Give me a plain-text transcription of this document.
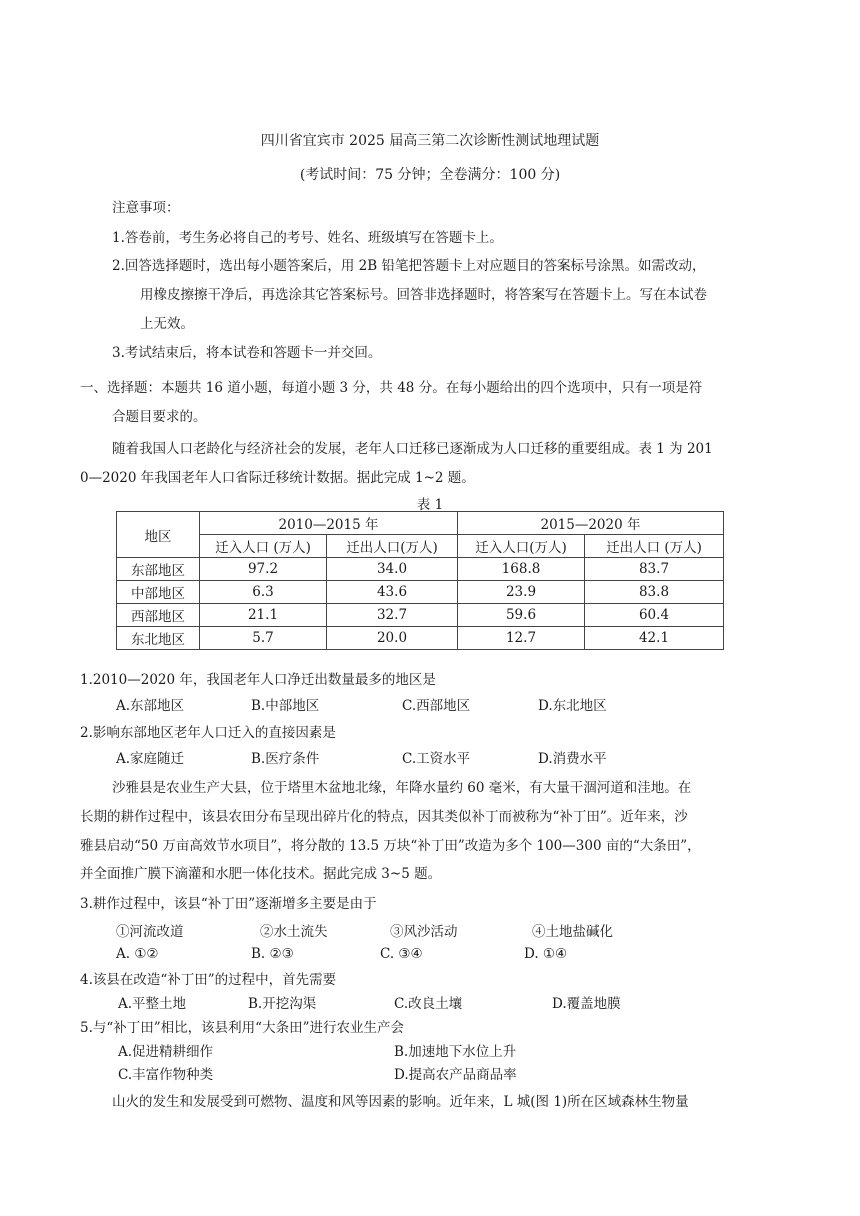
四川省宜宾市 2025 届高三第二次诊断性测试地理试题
(考试时间：75 分钟；全卷满分：100 分)
注意事项：
1.答卷前，考生务必将自己的考号、姓名、班级填写在答题卡上。
2.回答选择题时，选出每小题答案后，用 2B 铅笔把答题卡上对应题目的答案标号涂黑。如需改动，
用橡皮擦擦干净后，再选涂其它答案标号。回答非选择题时，将答案写在答题卡上。写在本试卷
上无效。
3.考试结束后，将本试卷和答题卡一并交回。
一、选择题：本题共 16 道小题，每道小题 3 分，共 48 分。在每小题给出的四个选项中，只有一项是符
合题目要求的。
随着我国人口老龄化与经济社会的发展，老年人口迁移已逐渐成为人口迁移的重要组成。表 1 为 201
0—2020 年我国老年人口省际迁移统计数据。据此完成 1~2 题。
表 1
地区	2010—2015 年		2015—2020 年	
	迁入人口 (万人)	迁出人口(万人)	迁入人口(万人)	迁出人口 (万人)
东部地区	97.2	34.0	168.8	83.7
中部地区	6.3	43.6	23.9	83.8
西部地区	21.1	32.7	59.6	60.4
东北地区	5.7	20.0	12.7	42.1
1.2010—2020 年，我国老年人口净迁出数量最多的地区是
A.东部地区	B.中部地区	C.西部地区	D.东北地区
2.影响东部地区老年人口迁入的直接因素是
A.家庭随迁	B.医疗条件	C.工资水平	D.消费水平
沙雅县是农业生产大县，位于塔里木盆地北缘，年降水量约 60 毫米，有大量干涸河道和洼地。在
长期的耕作过程中，该县农田分布呈现出碎片化的特点，因其类似补丁而被称为“补丁田”。近年来，沙
雅县启动“50 万亩高效节水项目”，将分散的 13.5 万块“补丁田”改造为多个 100—300 亩的“大条田”，
并全面推广膜下滴灌和水肥一体化技术。据此完成 3~5 题。
3.耕作过程中，该县“补丁田”逐渐增多主要是由于
①河流改道	②水土流失	③风沙活动	④土地盐碱化
A. ①②	B. ②③	C. ③④	D. ①④
4.该县在改造“补丁田”的过程中，首先需要
A.平整土地	B.开挖沟渠	C.改良土壤	D.覆盖地膜
5.与“补丁田”相比，该县利用“大条田”进行农业生产会
A.促进精耕细作	B.加速地下水位上升
C.丰富作物种类	D.提高农产品商品率
山火的发生和发展受到可燃物、温度和风等因素的影响。近年来，L 城(图 1)所在区域森林生物量
